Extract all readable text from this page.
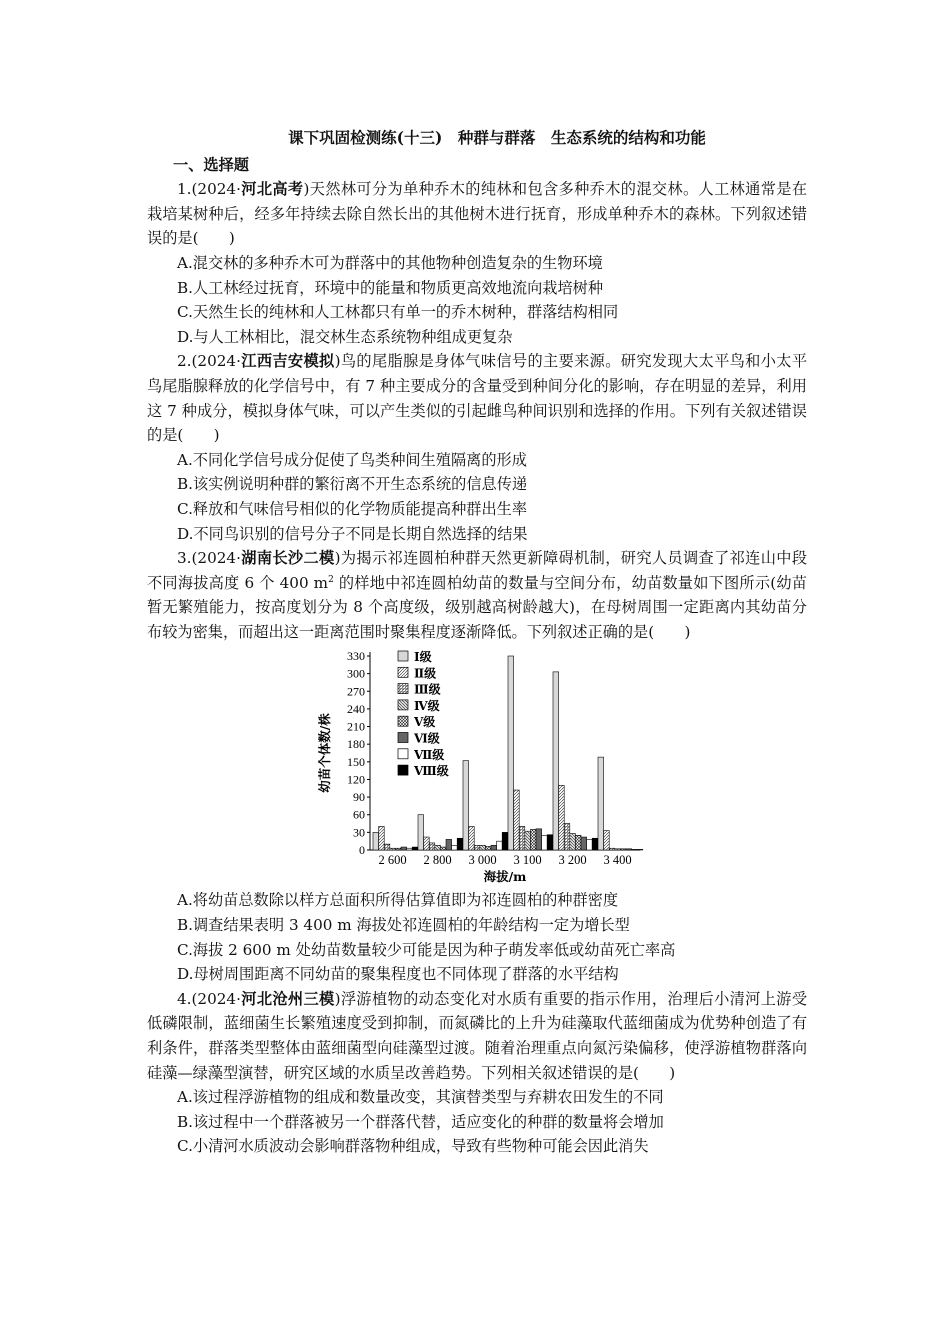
课下巩固检测练(十三)　种群与群落　生态系统的结构和功能
一、选择题

1.(2024·河北高考)天然林可分为单种乔木的纯林和包含多种乔木的混交林。人工林通常是在栽培某树种后，经多年持续去除自然长出的其他树木进行抚育，形成单种乔木的森林。下列叙述错误的是(　　)

A.混交林的多种乔木可为群落中的其他物种创造复杂的生物环境

B.人工林经过抚育，环境中的能量和物质更高效地流向栽培树种

C.天然生长的纯林和人工林都只有单一的乔木树种，群落结构相同

D.与人工林相比，混交林生态系统物种组成更复杂

2.(2024·江西吉安模拟)鸟的尾脂腺是身体气味信号的主要来源。研究发现大太平鸟和小太平鸟尾脂腺释放的化学信号中，有 7 种主要成分的含量受到种间分化的影响，存在明显的差异，利用这 7 种成分，模拟身体气味，可以产生类似的引起雌鸟种间识别和选择的作用。下列有关叙述错误的是(　　)

A.不同化学信号成分促使了鸟类种间生殖隔离的形成

B.该实例说明种群的繁衍离不开生态系统的信息传递

C.释放和气味信号相似的化学物质能提高种群出生率

D.不同鸟识别的信号分子不同是长期自然选择的结果

3.(2024·湖南长沙二模)为揭示祁连圆柏种群天然更新障碍机制，研究人员调查了祁连山中段不同海拔高度 6 个 400 $m^2$ 的样地中祁连圆柏幼苗的数量与空间分布，幼苗数量如下图所示(幼苗暂无繁殖能力，按高度划分为 8 个高度级，级别越高树龄越大)，在母树周围一定距离内其幼苗分布较为密集，而超出这一距离范围时聚集程度逐渐降低。下列叙述正确的是(　　)

0
30
60
90
120
150
180
210
240
270
300
330
幼苗个体数/株
2 600 2 800 3 000 3 100 3 200 3 400
海拔/m
Ⅰ级
Ⅱ级
Ⅲ级
Ⅳ级
Ⅴ级
Ⅵ级
Ⅶ级
Ⅷ级

A.将幼苗总数除以样方总面积所得估算值即为祁连圆柏的种群密度

B.调查结果表明 3 400 m 海拔处祁连圆柏的年龄结构一定为增长型

C.海拔 2 600 m 处幼苗数量较少可能是因为种子萌发率低或幼苗死亡率高

D.母树周围距离不同幼苗的聚集程度也不同体现了群落的水平结构

4.(2024·河北沧州三模)浮游植物的动态变化对水质有重要的指示作用，治理后小清河上游受低磷限制，蓝细菌生长繁殖速度受到抑制，而氮磷比的上升为硅藻取代蓝细菌成为优势种创造了有利条件，群落类型整体由蓝细菌型向硅藻型过渡。随着治理重点向氮污染偏移，使浮游植物群落向硅藻—绿藻型演替，研究区域的水质呈改善趋势。下列相关叙述错误的是(　　)

A.该过程浮游植物的组成和数量改变，其演替类型与弃耕农田发生的不同

B.该过程中一个群落被另一个群落代替，适应变化的种群的数量将会增加

C.小清河水质波动会影响群落物种组成，导致有些物种可能会因此消失
